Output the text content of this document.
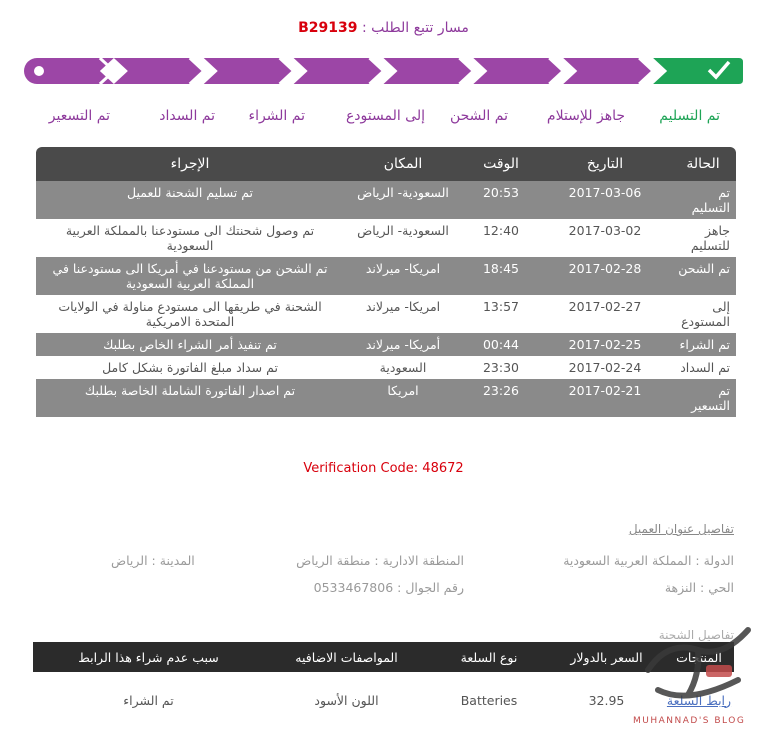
مسار تتبع الطلب : B29139
تم التسليم
جاهز للإستلام
تم الشحن
إلى المستودع
تم الشراء
تم السداد
تم التسعير
الحالة	التاريخ	الوقت	المكان	الإجراء
تم التسليم	2017-03-06	20:53	السعودية- الرياض	تم تسليم الشحنة للعميل
جاهز للتسليم	2017-03-02	12:40	السعودية- الرياض	تم وصول شحنتك الى مستودعنا بالمملكة العربية السعودية
تم الشحن	2017-02-28	18:45	امريكا- ميرلاند	تم الشحن من مستودعنا في أمريكا الى مستودعنا في المملكة العربية السعودية
إلى المستودع	2017-02-27	13:57	امريكا- ميرلاند	الشحنة في طريقها الى مستودع مناولة في الولايات المتحدة الامريكية
تم الشراء	2017-02-25	00:44	أمريكا- ميرلاند	تم تنفيذ أمر الشراء الخاص بطلبك
تم السداد	2017-02-24	23:30	السعودية	تم سداد مبلغ الفاتورة بشكل كامل
تم التسعير	2017-02-21	23:26	امريكا	تم اصدار الفاتورة الشاملة الخاصة بطلبك
Verification Code: 48672
تفاصيل عنوان العميل
الدولة : المملكة العربية السعودية
المنطقة الادارية : منطقة الرياض
المدينة : الرياض
الحي : النزهة
رقم الجوال : 0533467806
تفاصيل الشحنة
المنتجات	السعر بالدولار	نوع السلعة	المواصفات الاضافيه	سبب عدم شراء هذا الرابط
رابط السلعة	32.95	Batteries	اللون الأسود	تم الشراء
MUHANNAD'S BLOG
